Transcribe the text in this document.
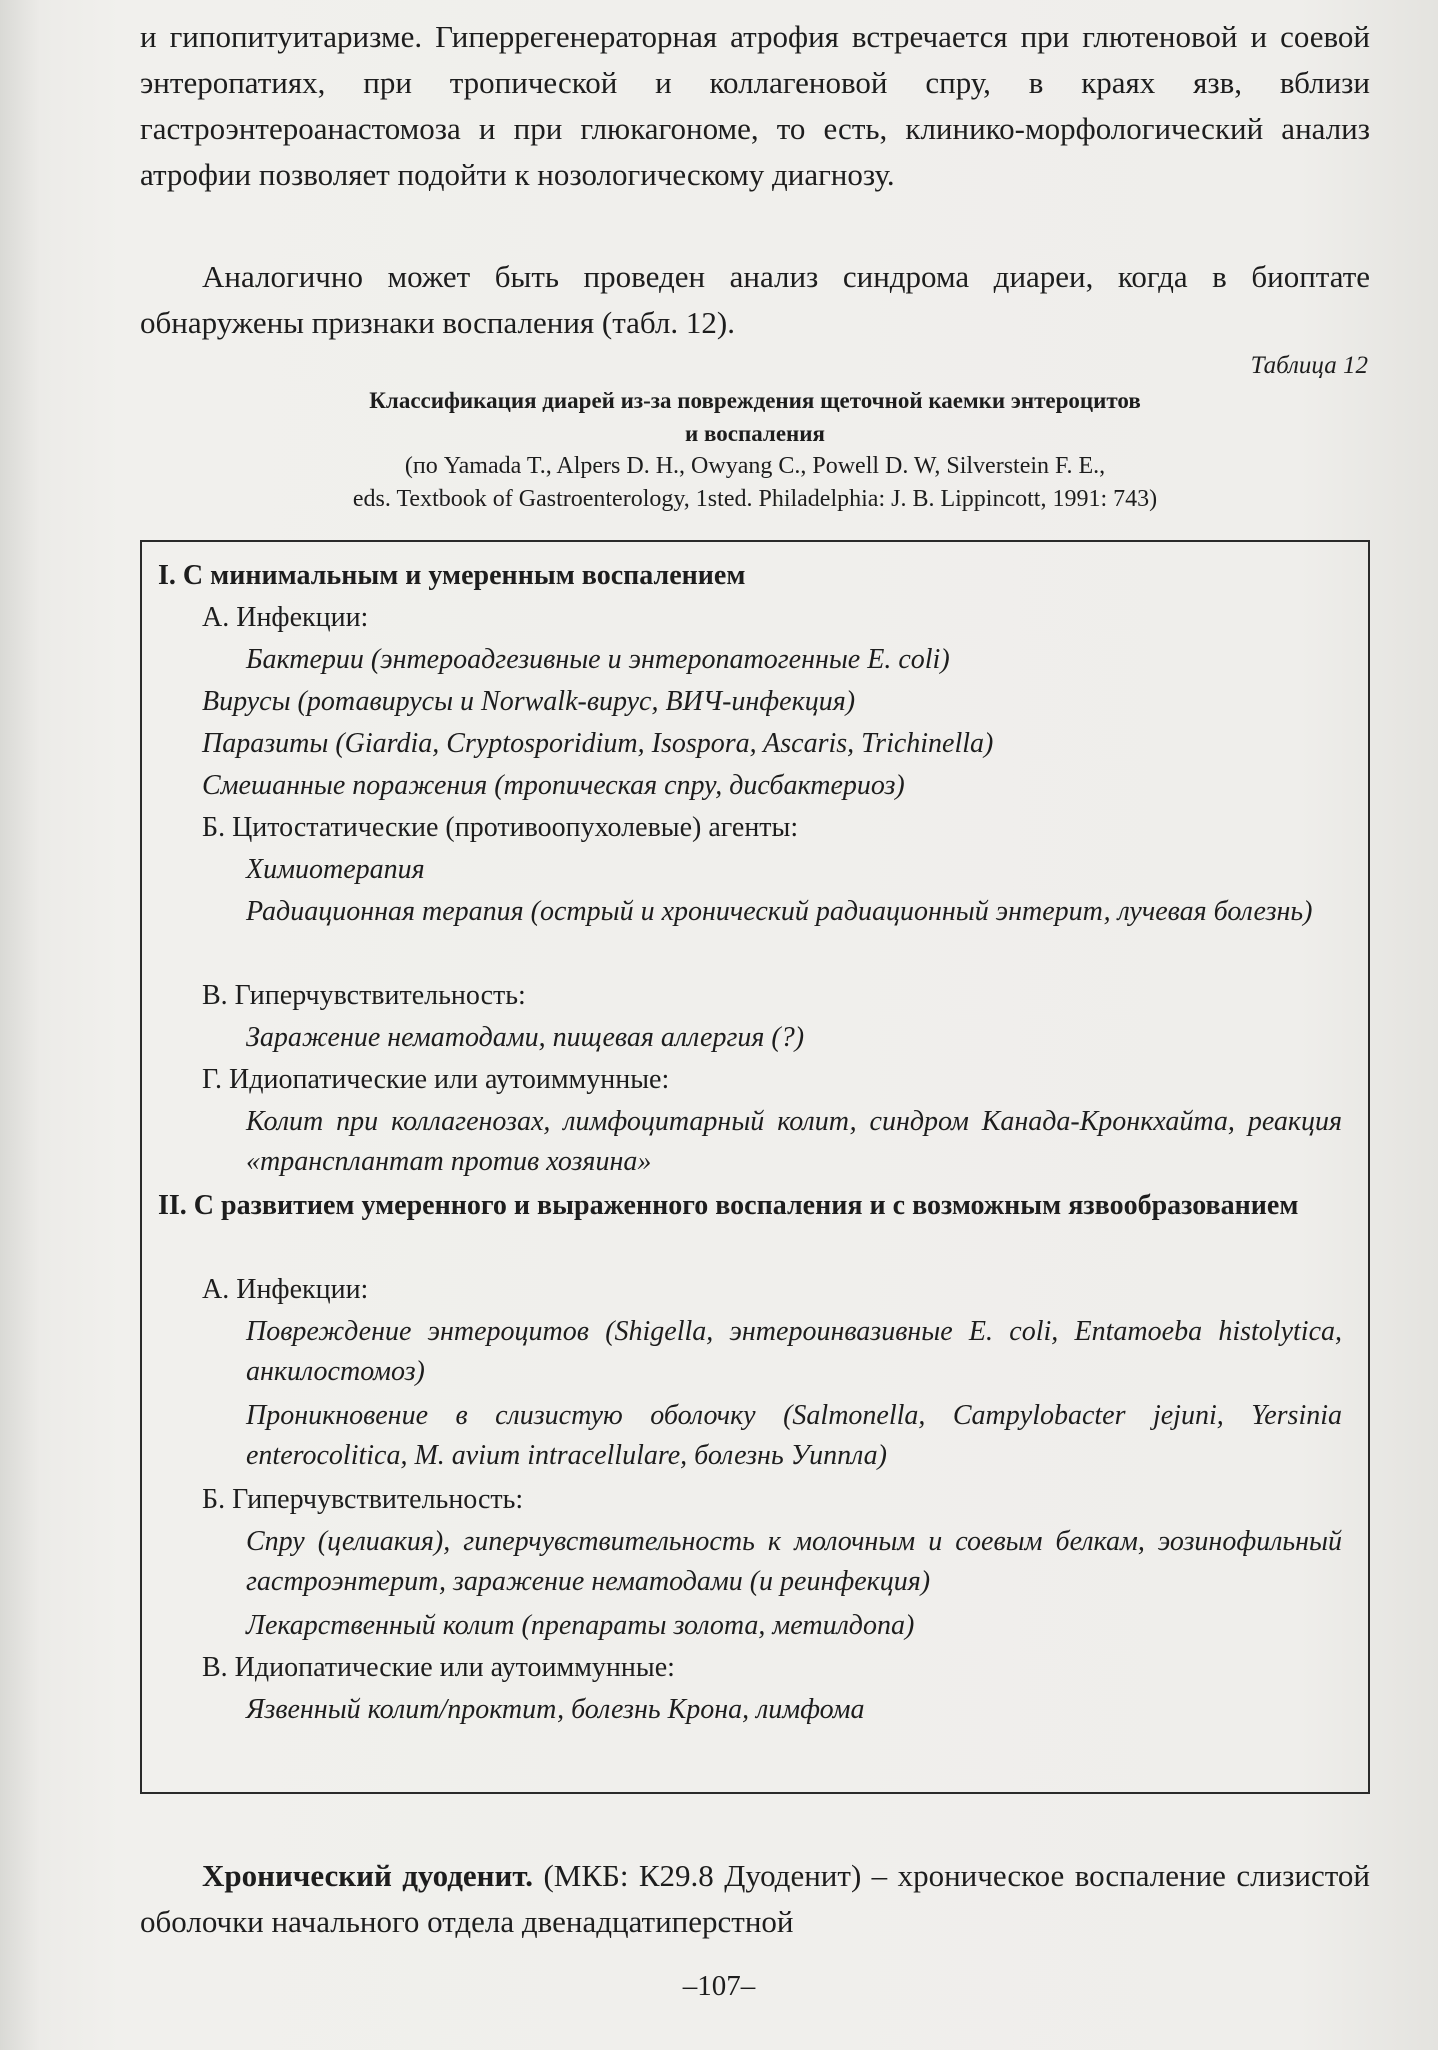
и гипопитуитаризме. Гиперрегенераторная атрофия встречается при глютеновой и соевой энтеропатиях, при тропической и коллагеновой спру, в краях язв, вблизи гастроэнтероанастомоза и при глюкагономе, то есть, клинико-морфологический анализ атрофии позволяет подойти к нозологическому диагнозу.

Аналогично может быть проведен анализ синдрома диареи, когда в биоптате обнаружены признаки воспаления (табл. 12).

Таблица 12
Классификация диарей из-за повреждения щеточной каемки энтероцитов
и воспаления
(по Yamada T., Alpers D. H., Owyang C., Powell D. W, Silverstein F. E.,
eds. Textbook of Gastroenterology, 1sted. Philadelphia: J. B. Lippincott, 1991: 743)
I. С минимальным и умеренным воспалением
А. Инфекции:
Бактерии (энтероадгезивные и энтеропатогенные E. coli)
Вирусы (ротавирусы и Norwalk-вирус, ВИЧ-инфекция)
Паразиты (Giardia, Cryptosporidium, Isospora, Ascaris, Trichinella)
Смешанные поражения (тропическая спру, дисбактериоз)
Б. Цитостатические (противоопухолевые) агенты:
Химиотерапия
Радиационная терапия (острый и хронический радиационный энтерит, лучевая болезнь)
В. Гиперчувствительность:
Заражение нематодами, пищевая аллергия (?)
Г. Идиопатические или аутоиммунные:
Колит при коллагенозах, лимфоцитарный колит, синдром Канада-Кронкхайта, реакция «трансплантат против хозяина»
II. С развитием умеренного и выраженного воспаления и с возможным язвообразованием
А. Инфекции:
Повреждение энтероцитов (Shigella, энтероинвазивные E. coli, Entamoeba histolytica, анкилостомоз)
Проникновение в слизистую оболочку (Salmonella, Campylobacter jejuni, Yersinia enterocolitica, M. avium intracellulare, болезнь Уиппла)
Б. Гиперчувствительность:
Спру (целиакия), гиперчувствительность к молочным и соевым белкам, эозинофильный гастроэнтерит, заражение нематодами (и реинфекция)
Лекарственный колит (препараты золота, метилдопа)
В. Идиопатические или аутоиммунные:
Язвенный колит/проктит, болезнь Крона, лимфома

Хронический дуоденит. (МКБ: К29.8 Дуоденит) – хроническое воспаление слизистой оболочки начального отдела двенадцатиперстной

–107–
